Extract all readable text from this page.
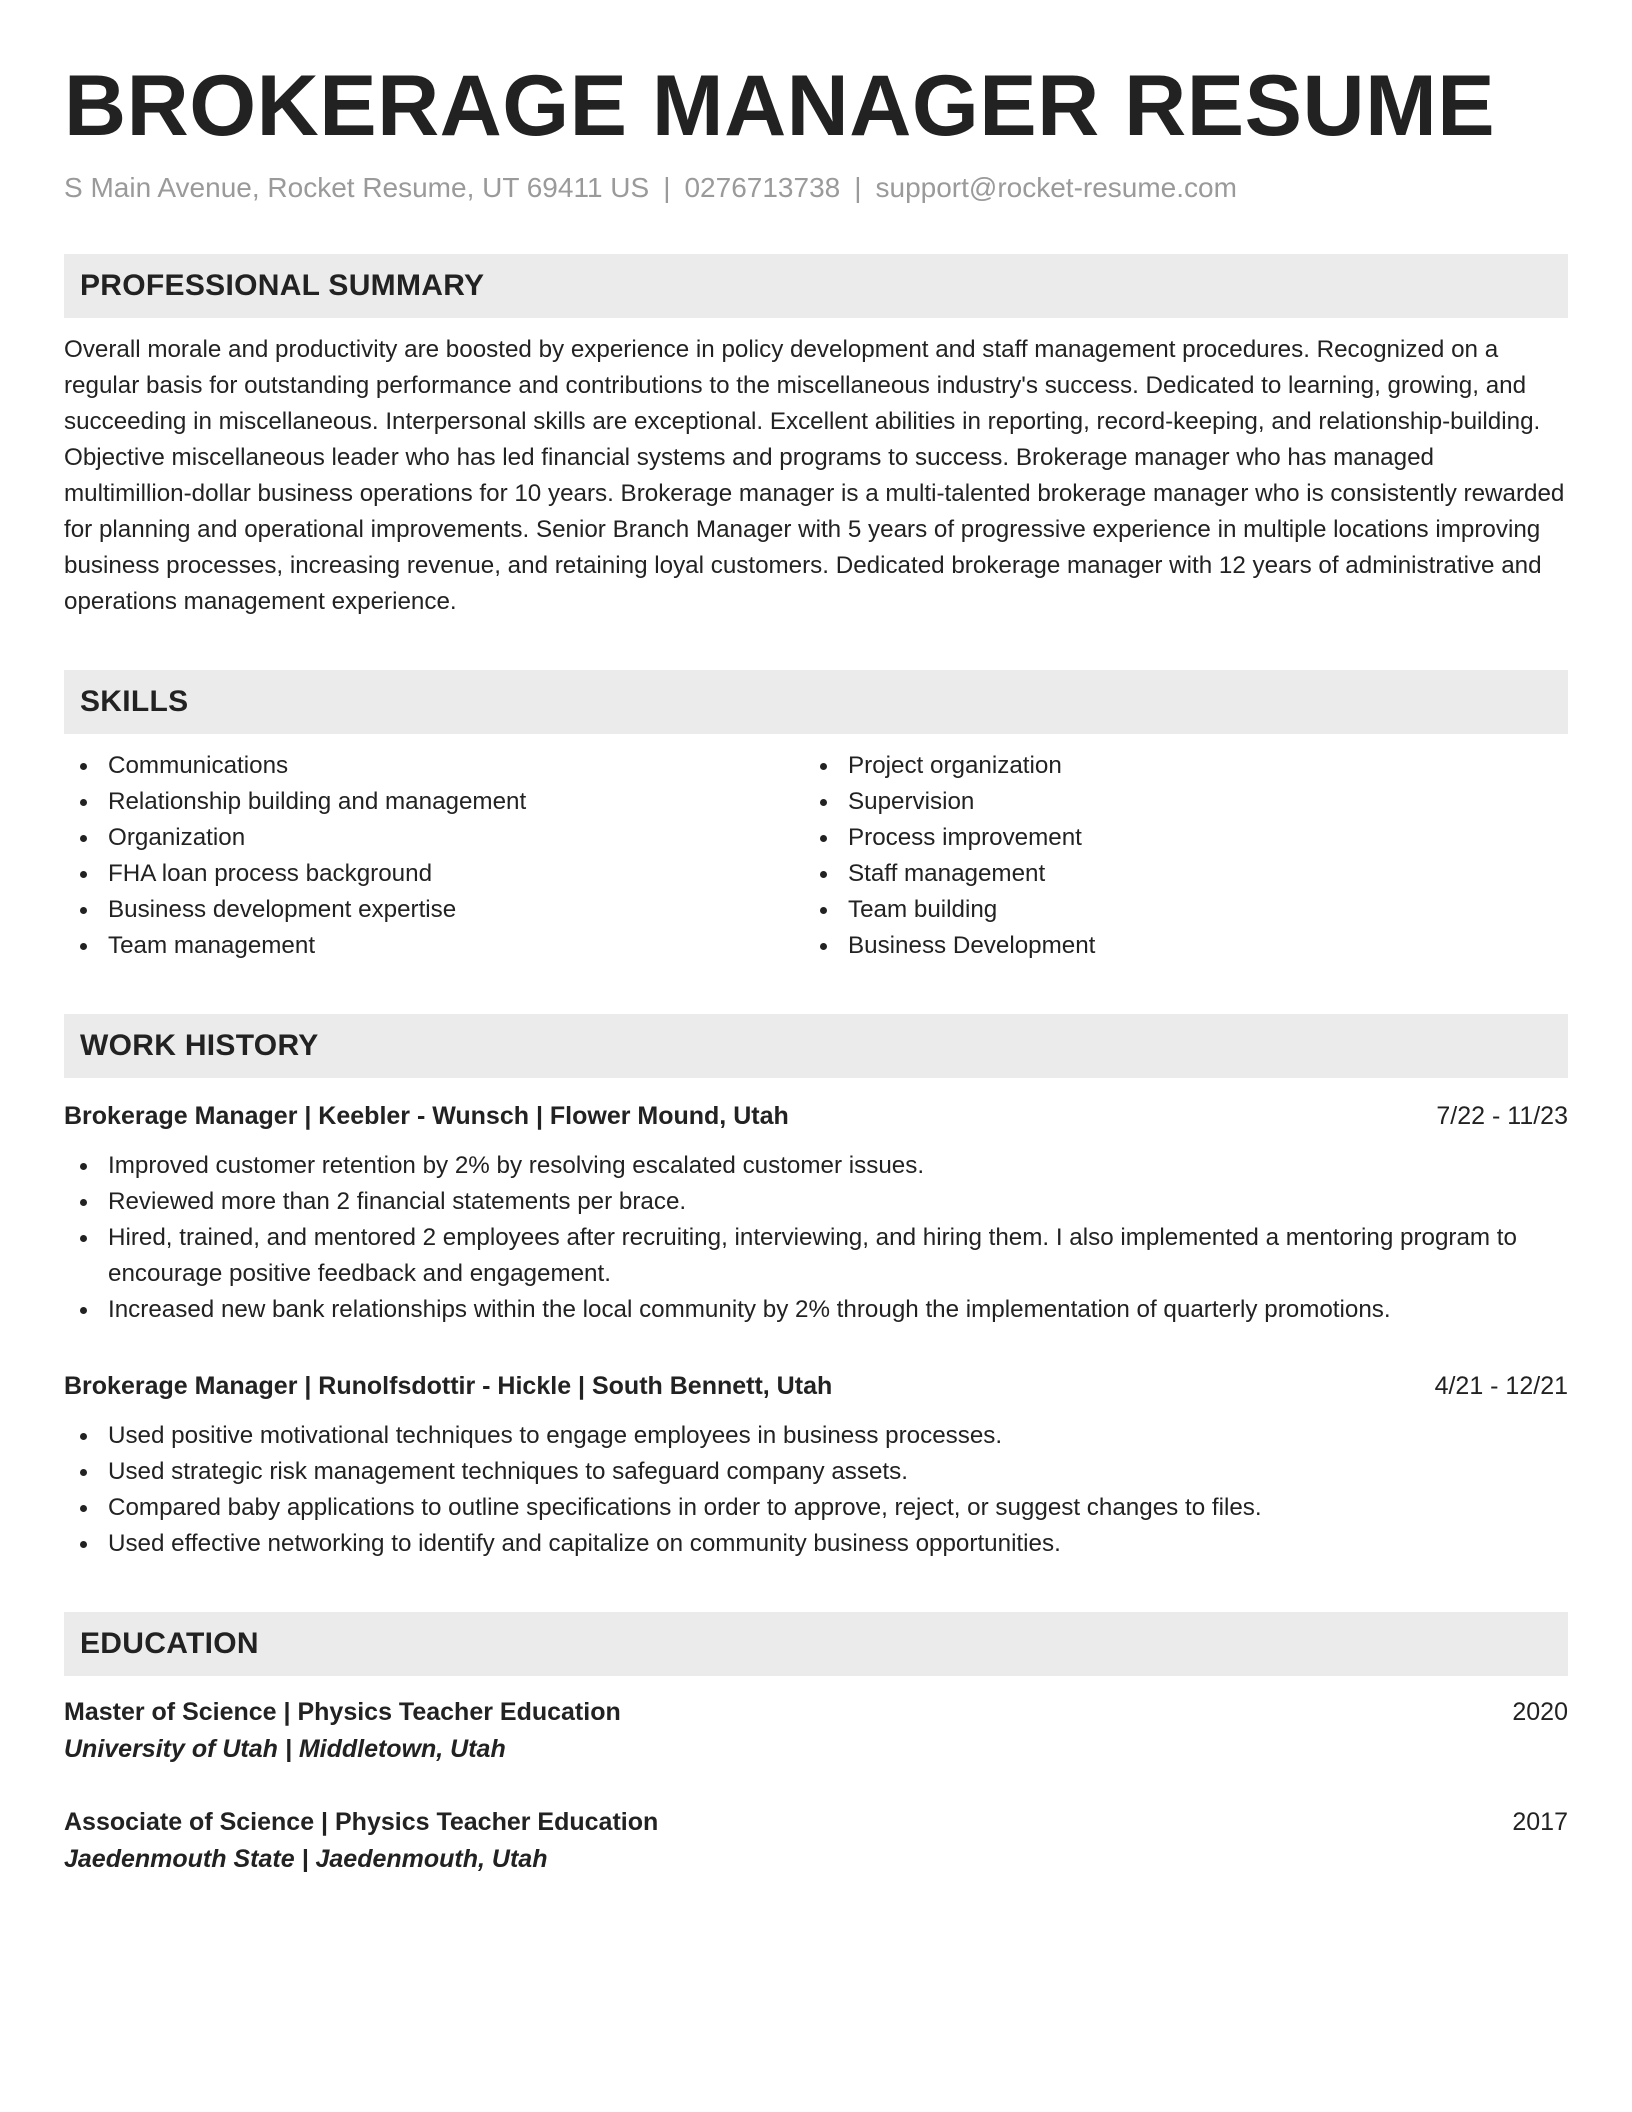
BROKERAGE MANAGER RESUME
S Main Avenue, Rocket Resume, UT 69411 US | 0276713738 | support@rocket-resume.com
PROFESSIONAL SUMMARY

Overall morale and productivity are boosted by experience in policy development and staff management procedures. Recognized on a regular basis for outstanding performance and contributions to the miscellaneous industry's success. Dedicated to learning, growing, and succeeding in miscellaneous. Interpersonal skills are exceptional. Excellent abilities in reporting, record-keeping, and relationship-building. Objective miscellaneous leader who has led financial systems and programs to success. Brokerage manager who has managed multimillion-dollar business operations for 10 years. Brokerage manager is a multi-talented brokerage manager who is consistently rewarded for planning and operational improvements. Senior Branch Manager with 5 years of progressive experience in multiple locations improving business processes, increasing revenue, and retaining loyal customers. Dedicated brokerage manager with 12 years of administrative and operations management experience.

SKILLS
Communications
Relationship building and management
Organization
FHA loan process background
Business development expertise
Team management
Project organization
Supervision
Process improvement
Staff management
Team building
Business Development
WORK HISTORY
Brokerage Manager | Keebler - Wunsch | Flower Mound, Utah	7/22 - 11/23
Improved customer retention by 2% by resolving escalated customer issues.
Reviewed more than 2 financial statements per brace.
Hired, trained, and mentored 2 employees after recruiting, interviewing, and hiring them. I also implemented a mentoring program to encourage positive feedback and engagement.
Increased new bank relationships within the local community by 2% through the implementation of quarterly promotions.
Brokerage Manager | Runolfsdottir - Hickle | South Bennett, Utah	4/21 - 12/21
Used positive motivational techniques to engage employees in business processes.
Used strategic risk management techniques to safeguard company assets.
Compared baby applications to outline specifications in order to approve, reject, or suggest changes to files.
Used effective networking to identify and capitalize on community business opportunities.
EDUCATION
Master of Science | Physics Teacher Education	2020
University of Utah | Middletown, Utah
Associate of Science | Physics Teacher Education	2017
Jaedenmouth State | Jaedenmouth, Utah
